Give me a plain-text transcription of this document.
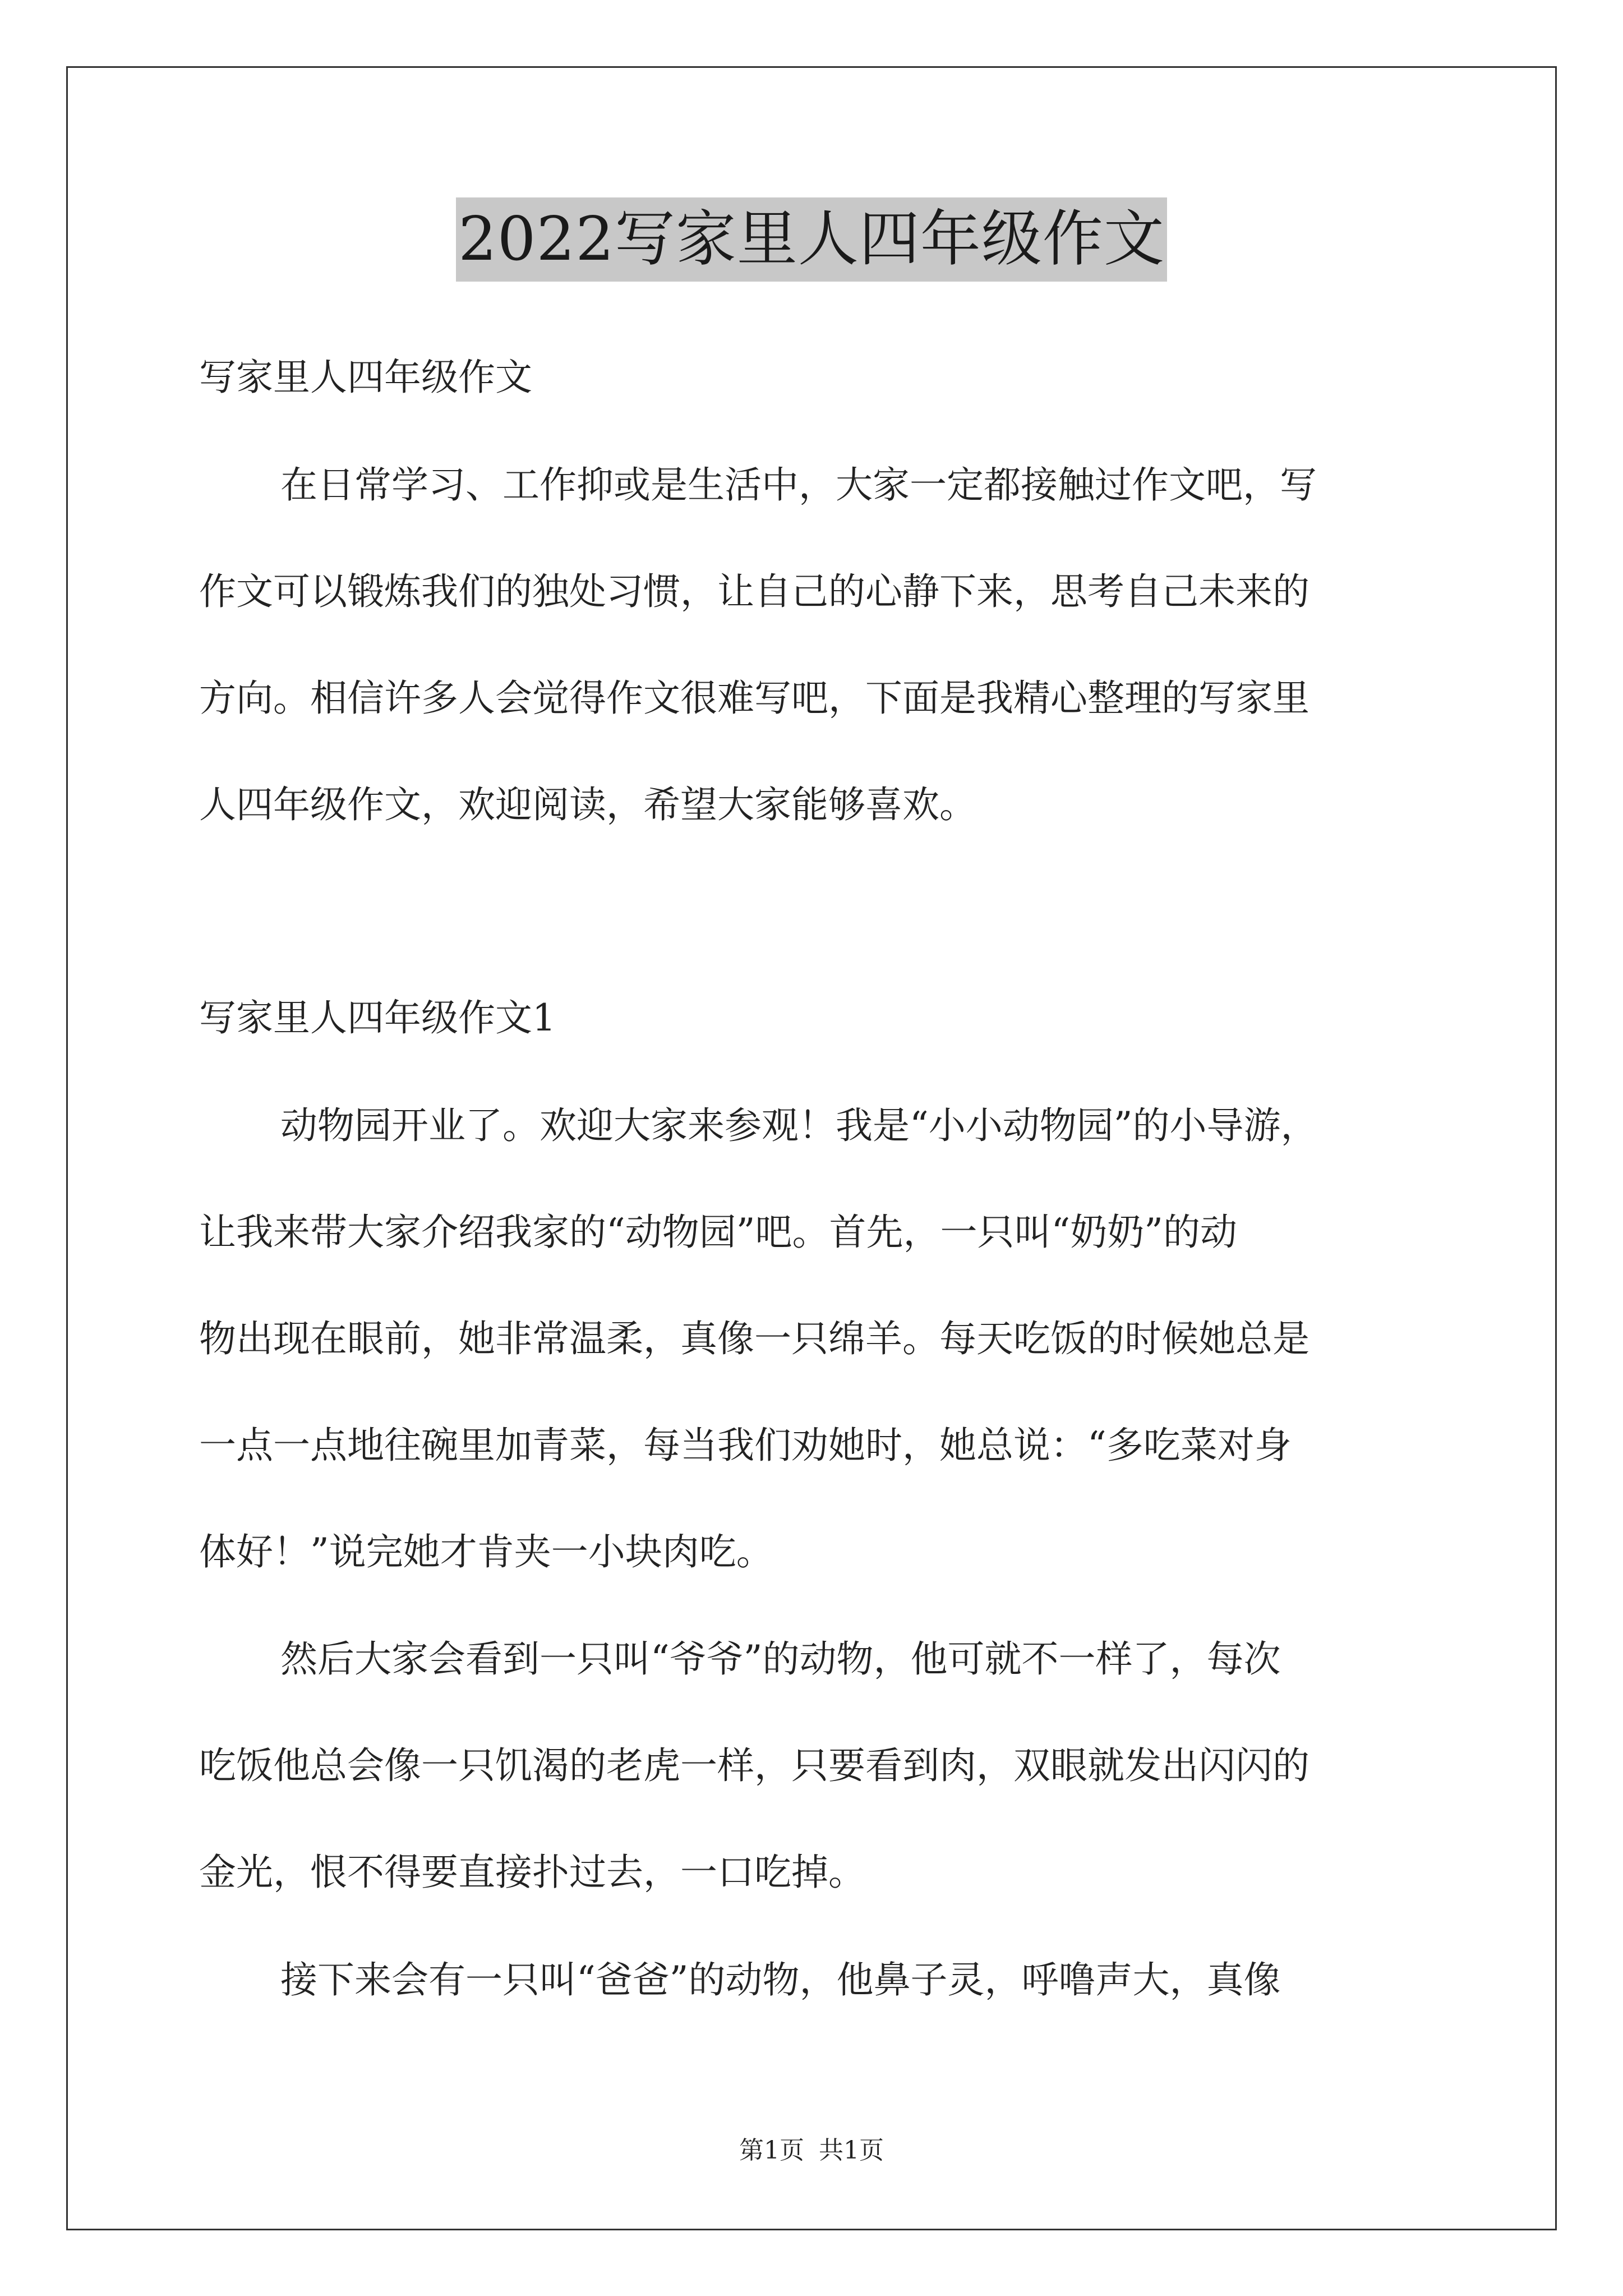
2022写家里人四年级作文
写家里人四年级作文
在日常学习、工作抑或是生活中，大家一定都接触过作文吧，写
作文可以锻炼我们的独处习惯，让自己的心静下来，思考自己未来的
方向。相信许多人会觉得作文很难写吧，下面是我精心整理的写家里
人四年级作文，欢迎阅读，希望大家能够喜欢。
写家里人四年级作文1
动物园开业了。欢迎大家来参观！我是“小小动物园”的小导游，
让我来带大家介绍我家的“动物园”吧。首先，一只叫“奶奶”的动
物出现在眼前，她非常温柔，真像一只绵羊。每天吃饭的时候她总是
一点一点地往碗里加青菜，每当我们劝她时，她总说：“多吃菜对身
体好！”说完她才肯夹一小块肉吃。
然后大家会看到一只叫“爷爷”的动物，他可就不一样了，每次
吃饭他总会像一只饥渴的老虎一样，只要看到肉，双眼就发出闪闪的
金光，恨不得要直接扑过去，一口吃掉。
接下来会有一只叫“爸爸”的动物，他鼻子灵，呼噜声大，真像
第1页 共1页
